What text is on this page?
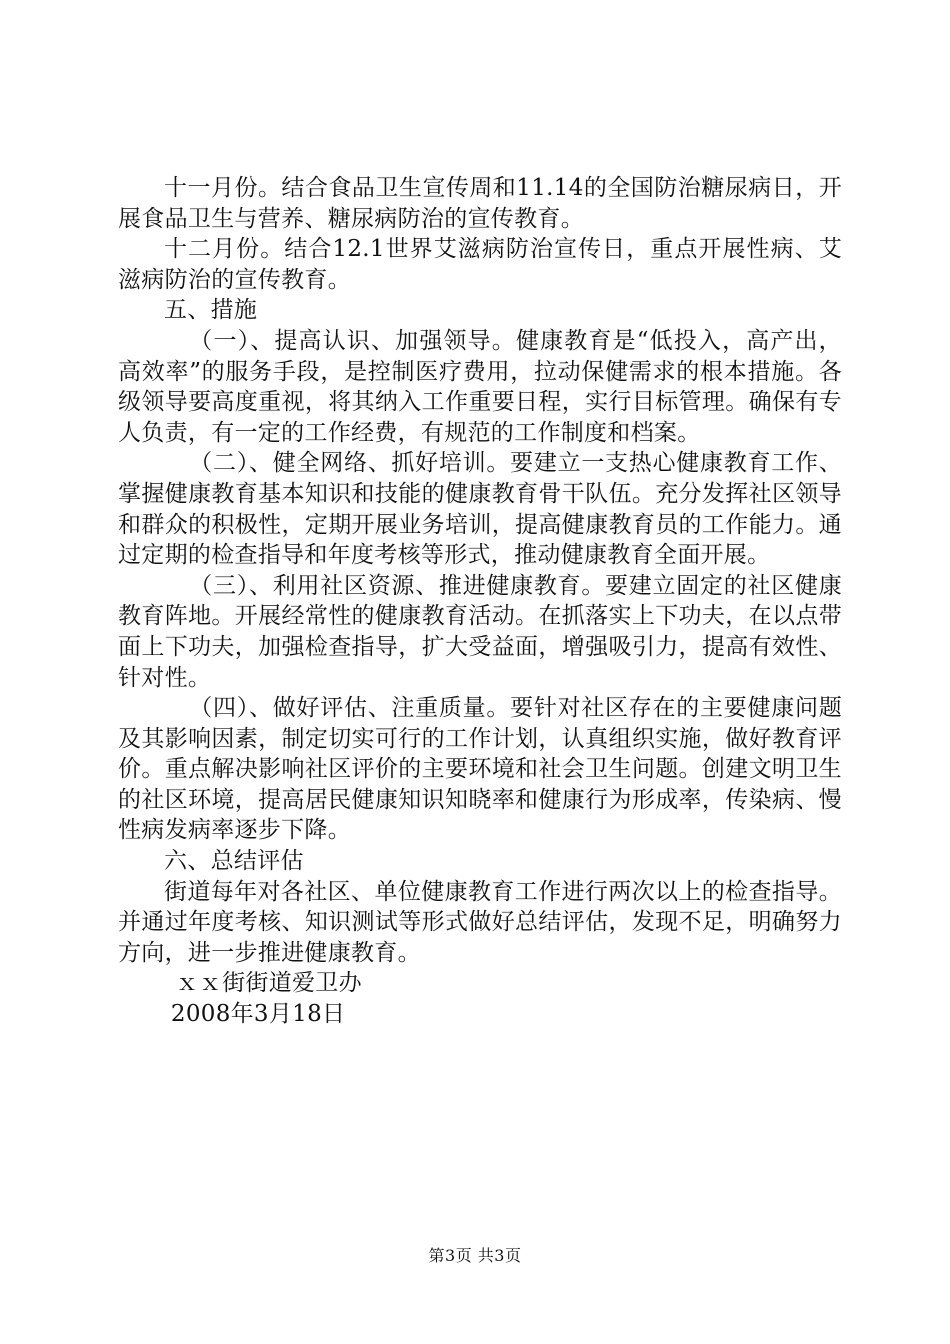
十一月份。结合食品卫生宣传周和11.14的全国防治糖尿病日，开展食品卫生与营养、糖尿病防治的宣传教育。

十二月份。结合12.1世界艾滋病防治宣传日，重点开展性病、艾滋病防治的宣传教育。

五、措施

（一）、提高认识、加强领导。健康教育是“低投入，高产出，高效率”的服务手段，是控制医疗费用，拉动保健需求的根本措施。各级领导要高度重视，将其纳入工作重要日程，实行目标管理。确保有专人负责，有一定的工作经费，有规范的工作制度和档案。

（二）、健全网络、抓好培训。要建立一支热心健康教育工作、掌握健康教育基本知识和技能的健康教育骨干队伍。充分发挥社区领导和群众的积极性，定期开展业务培训，提高健康教育员的工作能力。通过定期的检查指导和年度考核等形式，推动健康教育全面开展。

（三）、利用社区资源、推进健康教育。要建立固定的社区健康教育阵地。开展经常性的健康教育活动。在抓落实上下功夫，在以点带面上下功夫，加强检查指导，扩大受益面，增强吸引力，提高有效性、针对性。

（四）、做好评估、注重质量。要针对社区存在的主要健康问题及其影响因素，制定切实可行的工作计划，认真组织实施，做好教育评价。重点解决影响社区评价的主要环境和社会卫生问题。创建文明卫生的社区环境，提高居民健康知识知晓率和健康行为形成率，传染病、慢性病发病率逐步下降。

六、总结评估

街道每年对各社区、单位健康教育工作进行两次以上的检查指导。并通过年度考核、知识测试等形式做好总结评估，发现不足，明确努力方向，进一步推进健康教育。

ｘｘ街街道爱卫办

2008年3月18日

第3页 共3页
